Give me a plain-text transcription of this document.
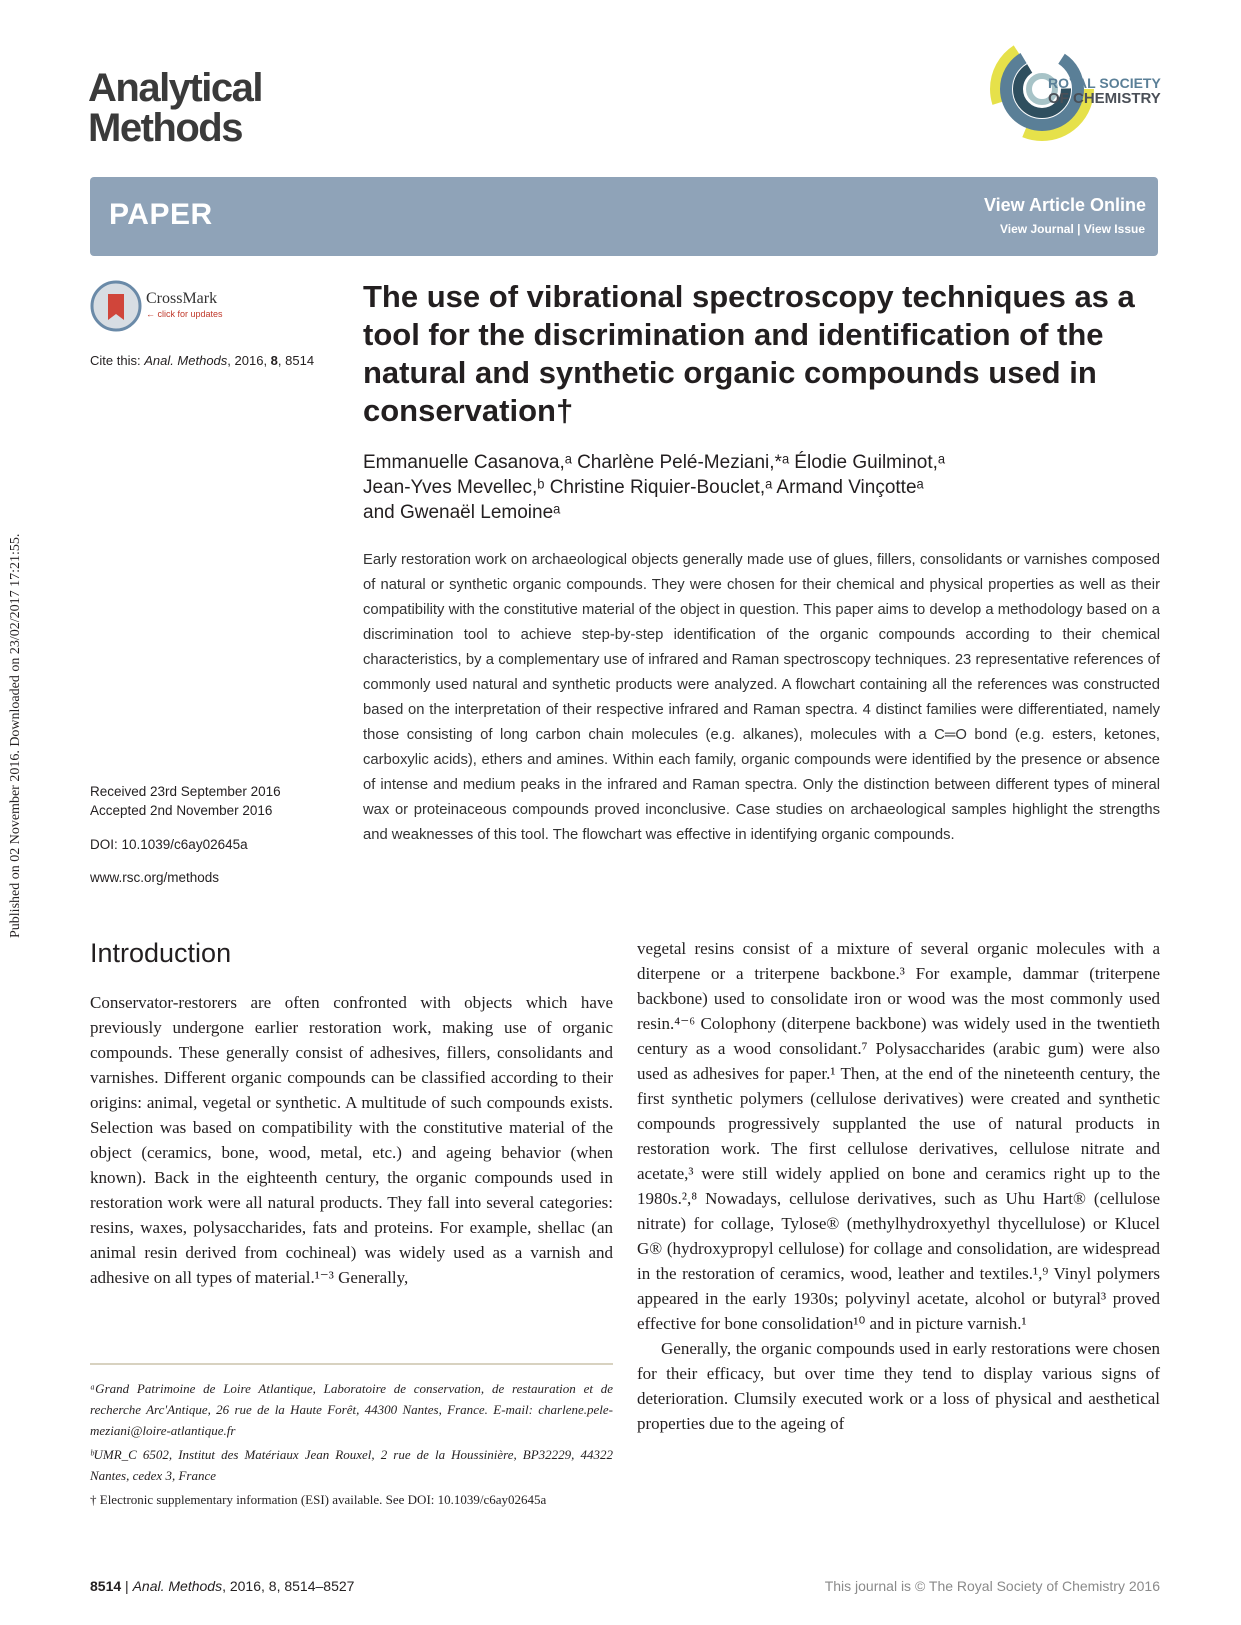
Analytical
Methods
ROYAL SOCIETY
OF CHEMISTRY
PAPER	View Article Online
View Journal | View Issue
CrossMark
← click for updates
Cite this: Anal. Methods, 2016, 8, 8514
The use of vibrational spectroscopy techniques as a tool for the discrimination and identification of the natural and synthetic organic compounds used in conservation†
Emmanuelle Casanova,ᵃ Charlène Pelé-Meziani,*ᵃ Élodie Guilminot,ᵃ
Jean-Yves Mevellec,ᵇ Christine Riquier-Bouclet,ᵃ Armand Vinçotteᵃ
and Gwenaël Lemoineᵃ
Early restoration work on archaeological objects generally made use of glues, fillers, consolidants or varnishes composed of natural or synthetic organic compounds. They were chosen for their chemical and physical properties as well as their compatibility with the constitutive material of the object in question. This paper aims to develop a methodology based on a discrimination tool to achieve step-by-step identification of the organic compounds according to their chemical characteristics, by a complementary use of infrared and Raman spectroscopy techniques. 23 representative references of commonly used natural and synthetic products were analyzed. A flowchart containing all the references was constructed based on the interpretation of their respective infrared and Raman spectra. 4 distinct families were differentiated, namely those consisting of long carbon chain molecules (e.g. alkanes), molecules with a C═O bond (e.g. esters, ketones, carboxylic acids), ethers and amines. Within each family, organic compounds were identified by the presence or absence of intense and medium peaks in the infrared and Raman spectra. Only the distinction between different types of mineral wax or proteinaceous compounds proved inconclusive. Case studies on archaeological samples highlight the strengths and weaknesses of this tool. The flowchart was effective in identifying organic compounds.
Received 23rd September 2016
Accepted 2nd November 2016
DOI: 10.1039/c6ay02645a
www.rsc.org/methods
Published on 02 November 2016. Downloaded on 23/02/2017 17:21:55.
Introduction
Conservator-restorers are often confronted with objects which have previously undergone earlier restoration work, making use of organic compounds. These generally consist of adhesives, fillers, consolidants and varnishes. Different organic compounds can be classified according to their origins: animal, vegetal or synthetic. A multitude of such compounds exists. Selection was based on compatibility with the constitutive material of the object (ceramics, bone, wood, metal, etc.) and ageing behavior (when known). Back in the eighteenth century, the organic compounds used in restoration work were all natural products. They fall into several categories: resins, waxes, polysaccharides, fats and proteins. For example, shellac (an animal resin derived from cochineal) was widely used as a varnish and adhesive on all types of material.¹⁻³ Generally,

vegetal resins consist of a mixture of several organic molecules with a diterpene or a triterpene backbone.³ For example, dammar (triterpene backbone) used to consolidate iron or wood was the most commonly used resin.⁴⁻⁶ Colophony (diterpene backbone) was widely used in the twentieth century as a wood consolidant.⁷ Polysaccharides (arabic gum) were also used as adhesives for paper.¹ Then, at the end of the nineteenth century, the first synthetic polymers (cellulose derivatives) were created and synthetic compounds progressively supplanted the use of natural products in restoration work. The first cellulose derivatives, cellulose nitrate and acetate,³ were still widely applied on bone and ceramics right up to the 1980s.²,⁸ Nowadays, cellulose derivatives, such as Uhu Hart® (cellulose nitrate) for collage, Tylose® (methylhydroxyethyl thycellulose) or Klucel G® (hydroxypropyl cellulose) for collage and consolidation, are widespread in the restoration of ceramics, wood, leather and textiles.¹,⁹ Vinyl polymers appeared in the early 1930s; polyvinyl acetate, alcohol or butyral³ proved effective for bone consolidation¹⁰ and in picture varnish.¹

Generally, the organic compounds used in early restorations were chosen for their efficacy, but over time they tend to display various signs of deterioration. Clumsily executed work or a loss of physical and aesthetical properties due to the ageing of

ᵃGrand Patrimoine de Loire Atlantique, Laboratoire de conservation, de restauration et de recherche Arc'Antique, 26 rue de la Haute Forêt, 44300 Nantes, France. E-mail: charlene.pele-meziani@loire-atlantique.fr
ᵇUMR_C 6502, Institut des Matériaux Jean Rouxel, 2 rue de la Houssinière, BP32229, 44322 Nantes, cedex 3, France
† Electronic supplementary information (ESI) available. See DOI: 10.1039/c6ay02645a
8514 | Anal. Methods, 2016, 8, 8514–8527	This journal is © The Royal Society of Chemistry 2016
